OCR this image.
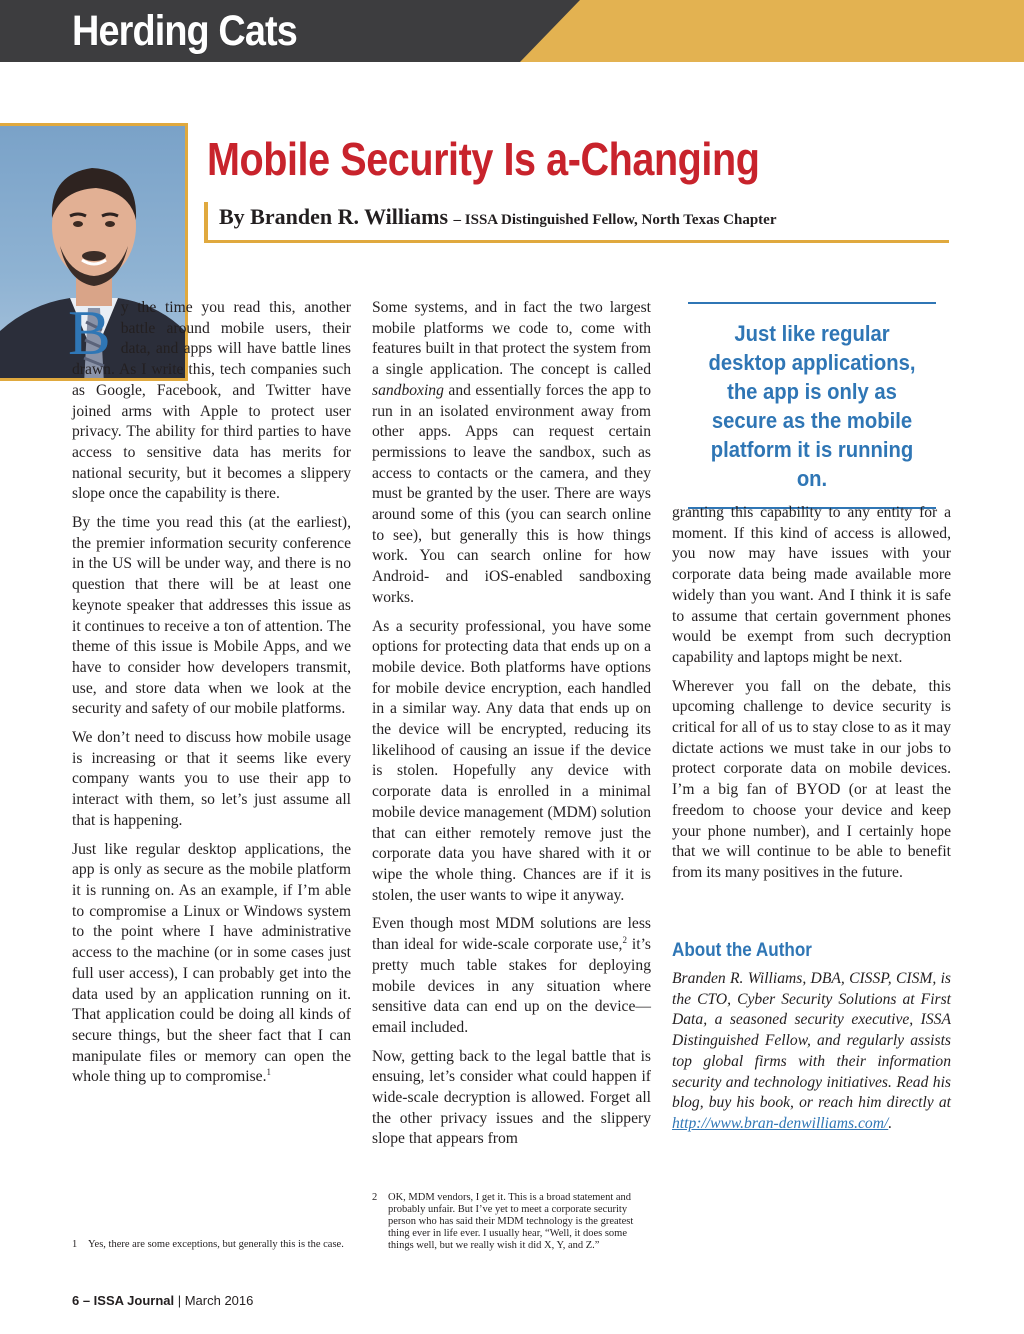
Herding Cats
Mobile Security Is a-Changing
By Branden R. Williams – ISSA Distinguished Fellow, North Texas Chapter

By the time you read this, another battle around mobile users, their data, and apps will have battle lines drawn. As I write this, tech companies such as Google, Facebook, and Twitter have joined arms with Apple to protect user privacy. The ability for third parties to have access to sensitive data has merits for national security, but it becomes a slippery slope once the capability is there.

By the time you read this (at the earliest), the premier information security conference in the US will be under way, and there is no question that there will be at least one keynote speaker that addresses this issue as it continues to receive a ton of attention. The theme of this issue is Mobile Apps, and we have to consider how developers transmit, use, and store data when we look at the security and safety of our mobile platforms.

We don’t need to discuss how mobile usage is increasing or that it seems like every company wants you to use their app to interact with them, so let’s just assume all that is happening.

Just like regular desktop applications, the app is only as secure as the mobile platform it is running on. As an example, if I’m able to compromise a Linux or Windows system to the point where I have administrative access to the machine (or in some cases just full user access), I can probably get into the data used by an application running on it. That application could be doing all kinds of secure things, but the sheer fact that I can manipulate files or memory can open the whole thing up to compromise.$^1$

Some systems, and in fact the two largest mobile platforms we code to, come with features built in that protect the system from a single application. The concept is called sandboxing and essentially forces the app to run in an isolated environment away from other apps. Apps can request certain permissions to leave the sandbox, such as access to contacts or the camera, and they must be granted by the user. There are ways around some of this (you can search online to see), but generally this is how things work. You can search online for how Android- and iOS-enabled sandboxing works.

As a security professional, you have some options for protecting data that ends up on a mobile device. Both platforms have options for mobile device encryption, each handled in a similar way. Any data that ends up on the device will be encrypted, reducing its likelihood of causing an issue if the device is stolen. Hopefully any device with corporate data is enrolled in a minimal mobile device management (MDM) solution that can either remotely remove just the corporate data you have shared with it or wipe the whole thing. Chances are if it is stolen, the user wants to wipe it anyway.

Even though most MDM solutions are less than ideal for wide-scale corporate use,$^2$ it’s pretty much table stakes for deploying mobile devices in any situation where sensitive data can end up on the device—email included.

Now, getting back to the legal battle that is ensuing, let’s consider what could happen if wide-scale decryption is allowed. Forget all the other privacy issues and the slippery slope that appears from

Just like regular desktop applications, the app is only as secure as the mobile platform it is running on.

granting this capability to any entity for a moment. If this kind of access is allowed, you now may have issues with your corporate data being made available more widely than you want. And I think it is safe to assume that certain government phones would be exempt from such decryption capability and laptops might be next.

Wherever you fall on the debate, this upcoming challenge to device security is critical for all of us to stay close to as it may dictate actions we must take in our jobs to protect corporate data on mobile devices. I’m a big fan of BYOD (or at least the freedom to choose your device and keep your phone number), and I certainly hope that we will continue to be able to benefit from its many positives in the future.

About the Author
Branden R. Williams, DBA, CISSP, CISM, is the CTO, Cyber Security Solutions at First Data, a seasoned security executive, ISSA Distinguished Fellow, and regularly assists top global firms with their information security and technology initiatives. Read his blog, buy his book, or reach him directly at http://www.bran-denwilliams.com/.
1	Yes, there are some exceptions, but generally this is the case.
2	OK, MDM vendors, I get it. This is a broad statement and probably unfair. But I’ve yet to meet a corporate security person who has said their MDM technology is the greatest thing ever in life ever. I usually hear, “Well, it does some things well, but we really wish it did X, Y, and Z.”
6 – ISSA Journal | March 2016
